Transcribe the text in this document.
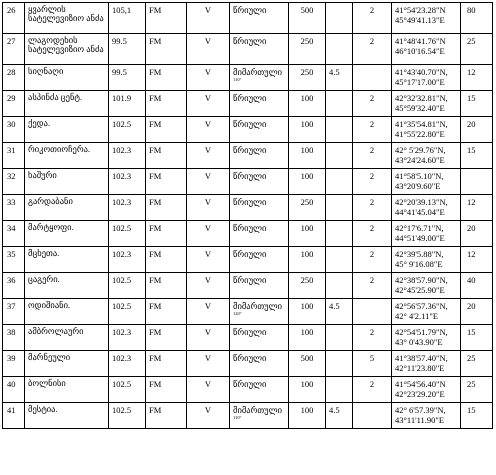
26	ყვარლის სატელევიზიო ანძა	105,1	FM	V	წრიული	500		2	41°54'23.28"N
45°49'41.13"E	80
27	ლაგოდეხის სატელევიზიო ანძა	99.5	FM	V	წრიული	250		2	41°48'41.76"N
46°10'16.54"E	25
28	სიღნაღი	99.5	FM	V	მიმართული
110°	250	4.5		41°43'40.70"N,
45°17'17.00"E	12
29	ასპინძა ცენტ.	101.9	FM	V	წრიული	100		2	42°32'32.81"N,
45°59'32.40"E	15
30	ქედა.	102.5	FM	V	წრიული	100		2	41°35'54.81"N,
41°55'22.80"E	20
31	რიკოთიოჩერა.	102.3	FM	V	წრიული	100		2	42° 5'29.76"N,
43°24'24.60"E	15
32	ხაშური	102.3	FM	V	წრიული	100		2	41°58'5.10"N,
43°20'9.60"E	
33	გარდაბანი	102.3	FM	V	წრიული	250		2	42°20'39.13"N,
44°41'45.04"E	12
34	მარტყოფი.	102.5	FM	V	წრიული	100		2	42°17'6.71"N,
44°51'49.00"E	20
35	მცხეთა.	102.3	FM	V	წრიული	100		2	42°39'5.88"N,
45° 9'16.08"E	12
36	ცაგერი.	102.5	FM	V	წრიული	250		2	42°38'57.90"N,
42°45'25.90"E	40
37	ოდიშიანი.	102.5	FM	V	მიმართული
120°	100	4.5		42°56'57.36"N,
42° 4'2.11"E	20
38	ამბროლაური	102.3	FM	V	წრიული	100		2	42°54'51.79"N,
43° 0'43.90"E	15
39	მარნეული	102.3	FM	V	წრიული	500		5	41°38'57.40"N,
42°11'23.80"E	25
40	ბოლნისი	102.5	FM	V	წრიული	100		2	41°54'56.40"N
42°23'29.20"E	25
41	მესტია.	102.5	FM	V	მიმართული
110°	100	4.5		42° 6'57.39"N,
43°11'11.90"E	15
